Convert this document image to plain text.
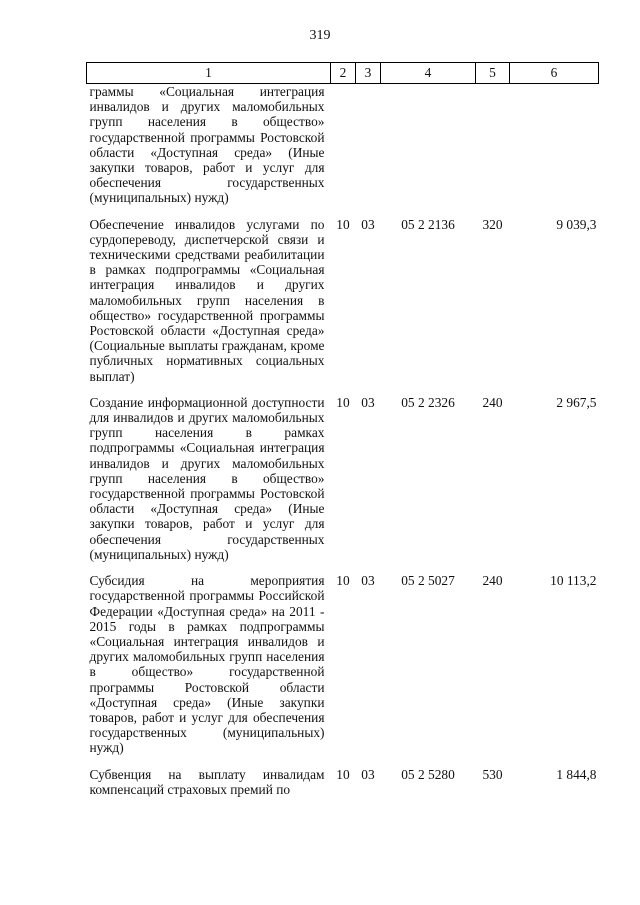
319
1	2	3	4	5	6
граммы «Социальная интеграция инвалидов и других маломобильных групп населения в общество» государственной программы Ростовской области «Доступная среда» (Иные закупки товаров, работ и услуг для обеспечения государственных (муниципальных) нужд)					
Обеспечение инвалидов услугами по сурдопереводу, диспетчерской связи и техническими средствами реабилитации в рамках подпрограммы «Социальная интеграция инвалидов и других маломобильных групп населения в общество» государственной программы Ростовской области «Доступная среда» (Социальные выплаты гражданам, кроме публичных нормативных социальных выплат)	10	03	05 2 2136	320	9 039,3
Создание информационной доступности для инвалидов и других маломобильных групп населения в рамках подпрограммы «Социальная интеграция инвалидов и других маломобильных групп населения в общество» государственной программы Ростовской области «Доступная среда» (Иные закупки товаров, работ и услуг для обеспечения государственных (муниципальных) нужд)	10	03	05 2 2326	240	2 967,5
Субсидия на мероприятия государственной программы Российской Федерации «Доступная среда» на 2011 - 2015 годы в рамках подпрограммы «Социальная интеграция инвалидов и других маломобильных групп населения в общество» государственной программы Ростовской области «Доступная среда» (Иные закупки товаров, работ и услуг для обеспечения государственных (муниципальных) нужд)	10	03	05 2 5027	240	10 113,2
Субвенция на выплату инвалидам компенсаций страховых премий по	10	03	05 2 5280	530	1 844,8
